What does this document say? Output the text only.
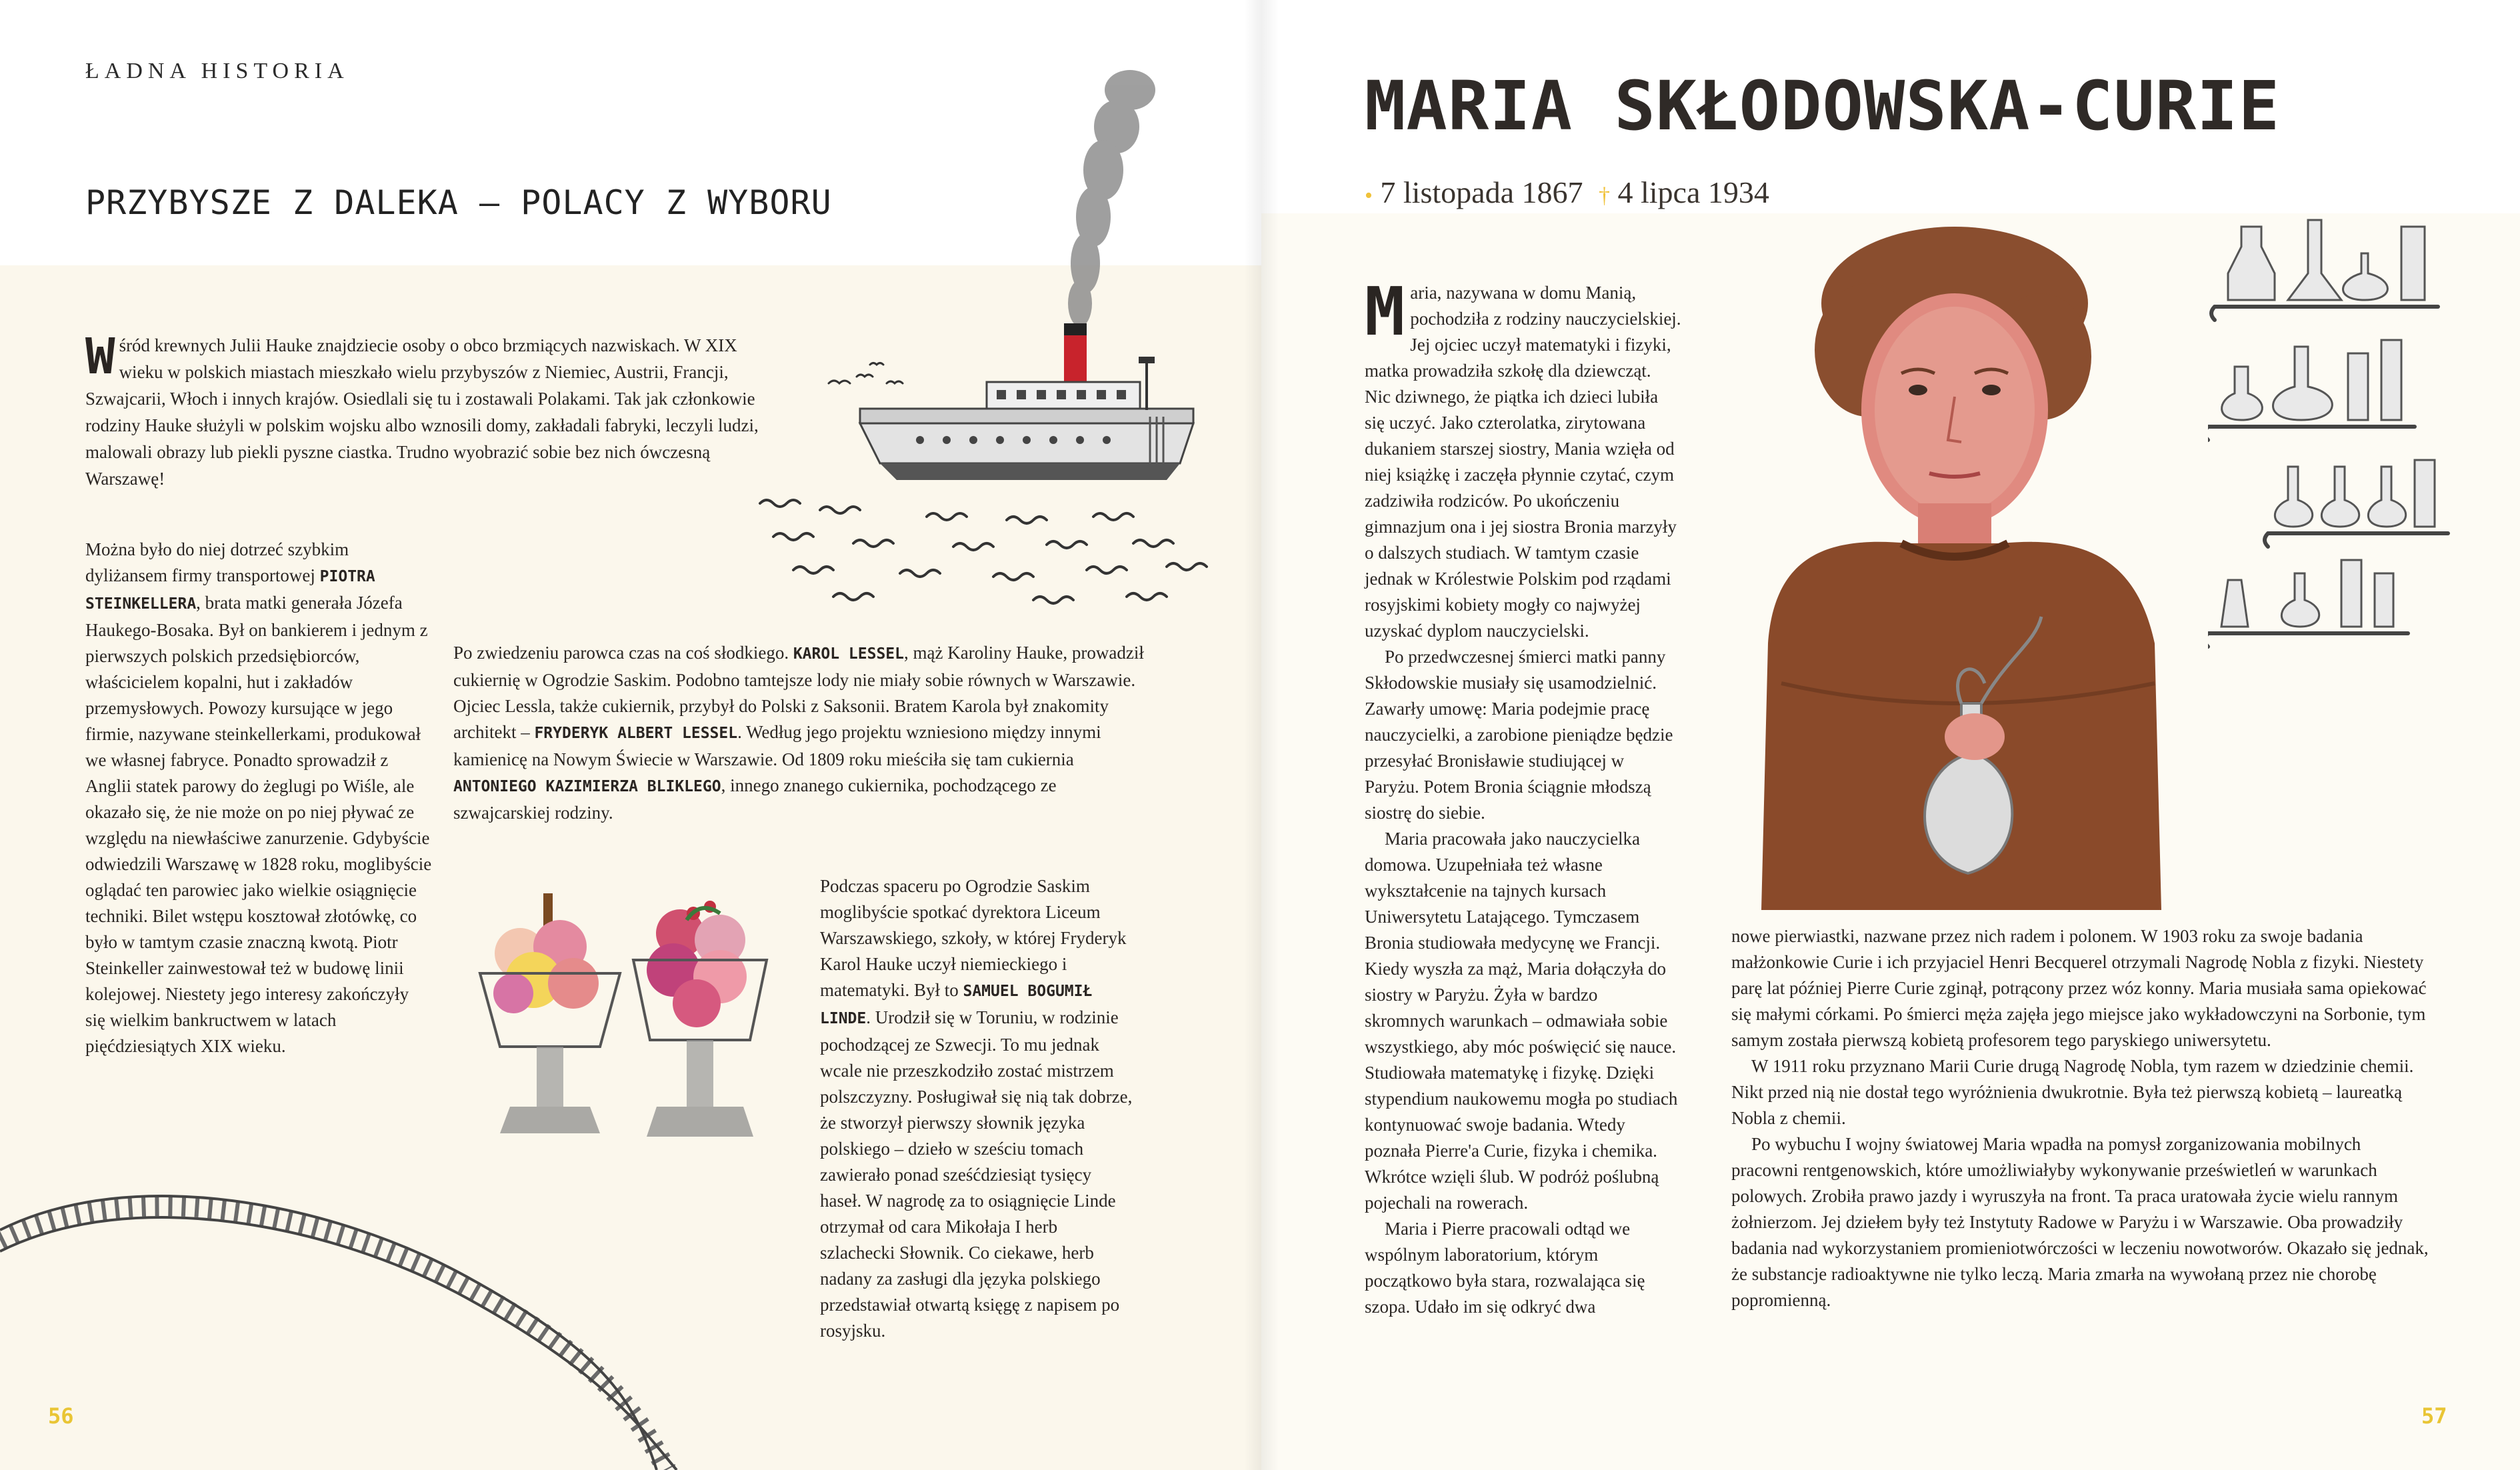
ŁADNA HISTORIA
PRZYBYSZE Z DALEKA – POLACY Z WYBORU
W śród krewnych Julii Hauke znajdziecie osoby o obco brzmiących nazwiskach. W XIX wieku w polskich miastach mieszkało wielu przybyszów z Niemiec, Austrii, Francji, Szwajcarii, Włoch i innych krajów. Osiedlali się tu i zostawali Polakami. Tak jak członkowie rodziny Hauke służyli w polskim wojsku albo wznosili domy, zakładali fabryki, leczyli ludzi, malowali obrazy lub piekli pyszne ciastka. Trudno wyobrazić sobie bez nich ówczesną Warszawę!
Można było do niej dotrzeć szybkim dyliżansem firmy transportowej PIOTRA STEINKELLERA, brata matki generała Józefa Haukego-Bosaka. Był on bankierem i jednym z pierwszych polskich przedsiębiorców, właścicielem kopalni, hut i zakładów przemysłowych. Powozy kursujące w jego firmie, nazywane steinkellerkami, produkował we własnej fabryce. Ponadto sprowadził z Anglii statek parowy do żeglugi po Wiśle, ale okazało się, że nie może on po niej pływać ze względu na niewłaściwe zanurzenie. Gdybyście odwiedzili Warszawę w 1828 roku, moglibyście oglądać ten parowiec jako wielkie osiągnięcie techniki. Bilet wstępu kosztował złotówkę, co było w tamtym czasie znaczną kwotą. Piotr Steinkeller zainwestował też w budowę linii kolejowej. Niestety jego interesy zakończyły się wielkim bankructwem w latach pięćdziesiątych XIX wieku.
Po zwiedzeniu parowca czas na coś słodkiego. KAROL LESSEL, mąż Karoliny Hauke, prowadził cukiernię w Ogrodzie Saskim. Podobno tamtejsze lody nie miały sobie równych w Warszawie. Ojciec Lessla, także cukiernik, przybył do Polski z Saksonii. Bratem Karola był znakomity architekt – FRYDERYK ALBERT LESSEL. Według jego projektu wzniesiono między innymi kamienicę na Nowym Świecie w Warszawie. Od 1809 roku mieściła się tam cukiernia ANTONIEGO KAZIMIERZA BLIKLEGO, innego znanego cukiernika, pochodzącego ze szwajcarskiej rodziny.
Podczas spaceru po Ogrodzie Saskim moglibyście spotkać dyrektora Liceum Warszawskiego, szkoły, w której Fryderyk Karol Hauke uczył niemieckiego i matematyki. Był to SAMUEL BOGUMIŁ LINDE. Urodził się w Toruniu, w rodzinie pochodzącej ze Szwecji. To mu jednak wcale nie przeszkodziło zostać mistrzem polszczyzny. Posługiwał się nią tak dobrze, że stworzył pierwszy słownik języka polskiego – dzieło w sześciu tomach zawierało ponad sześćdziesiąt tysięcy haseł. W nagrodę za to osiągnięcie Linde otrzymał od cara Mikołaja I herb szlachecki Słownik. Co ciekawe, herb nadany za zasługi dla języka polskiego przedstawiał otwartą księgę z napisem po rosyjsku.
56
MARIA SKŁODOWSKA-CURIE
• 7 listopada 1867 † 4 lipca 1934

Maria, nazywana w domu Manią, pochodziła z rodziny nauczycielskiej. Jej ojciec uczył matematyki i fizyki, matka prowadziła szkołę dla dziewcząt. Nic dziwnego, że piątka ich dzieci lubiła się uczyć. Jako czterolatka, zirytowana dukaniem starszej siostry, Mania wzięła od niej książkę i zaczęła płynnie czytać, czym zadziwiła rodziców. Po ukończeniu gimnazjum ona i jej siostra Bronia marzyły o dalszych studiach. W tamtym czasie jednak w Królestwie Polskim pod rządami rosyjskimi kobiety mogły co najwyżej uzyskać dyplom nauczycielski.

Po przedwczesnej śmierci matki panny Skłodowskie musiały się usamodzielnić. Zawarły umowę: Maria podejmie pracę nauczycielki, a zarobione pieniądze będzie przesyłać Bronisławie studiującej w Paryżu. Potem Bronia ściągnie młodszą siostrę do siebie.

Maria pracowała jako nauczycielka domowa. Uzupełniała też własne wykształcenie na tajnych kursach Uniwersytetu Latającego. Tymczasem Bronia studiowała medycynę we Francji. Kiedy wyszła za mąż, Maria dołączyła do siostry w Paryżu. Żyła w bardzo skromnych warunkach – odmawiała sobie wszystkiego, aby móc poświęcić się nauce. Studiowała matematykę i fizykę. Dzięki stypendium naukowemu mogła po studiach kontynuować swoje badania. Wtedy poznała Pierre'a Curie, fizyka i chemika. Wkrótce wzięli ślub. W podróż poślubną pojechali na rowerach.

Maria i Pierre pracowali odtąd we wspólnym laboratorium, którym początkowo była stara, rozwalająca się szopa. Udało im się odkryć dwa

nowe pierwiastki, nazwane przez nich radem i polonem. W 1903 roku za swoje badania małżonkowie Curie i ich przyjaciel Henri Becquerel otrzymali Nagrodę Nobla z fizyki. Niestety parę lat później Pierre Curie zginął, potrącony przez wóz konny. Maria musiała sama opiekować się małymi córkami. Po śmierci męża zajęła jego miejsce jako wykładowczyni na Sorbonie, tym samym została pierwszą kobietą profesorem tego paryskiego uniwersytetu.

W 1911 roku przyznano Marii Curie drugą Nagrodę Nobla, tym razem w dziedzinie chemii. Nikt przed nią nie dostał tego wyróżnienia dwukrotnie. Była też pierwszą kobietą – laureatką Nobla z chemii.

Po wybuchu I wojny światowej Maria wpadła na pomysł zorganizowania mobilnych pracowni rentgenowskich, które umożliwiałyby wykonywanie prześwietleń w warunkach polowych. Zrobiła prawo jazdy i wyruszyła na front. Ta praca uratowała życie wielu rannym żołnierzom. Jej dziełem były też Instytuty Radowe w Paryżu i w Warszawie. Oba prowadziły badania nad wykorzystaniem promieniotwórczości w leczeniu nowotworów. Okazało się jednak, że substancje radioaktywne nie tylko leczą. Maria zmarła na wywołaną przez nie chorobę popromienną.

57
